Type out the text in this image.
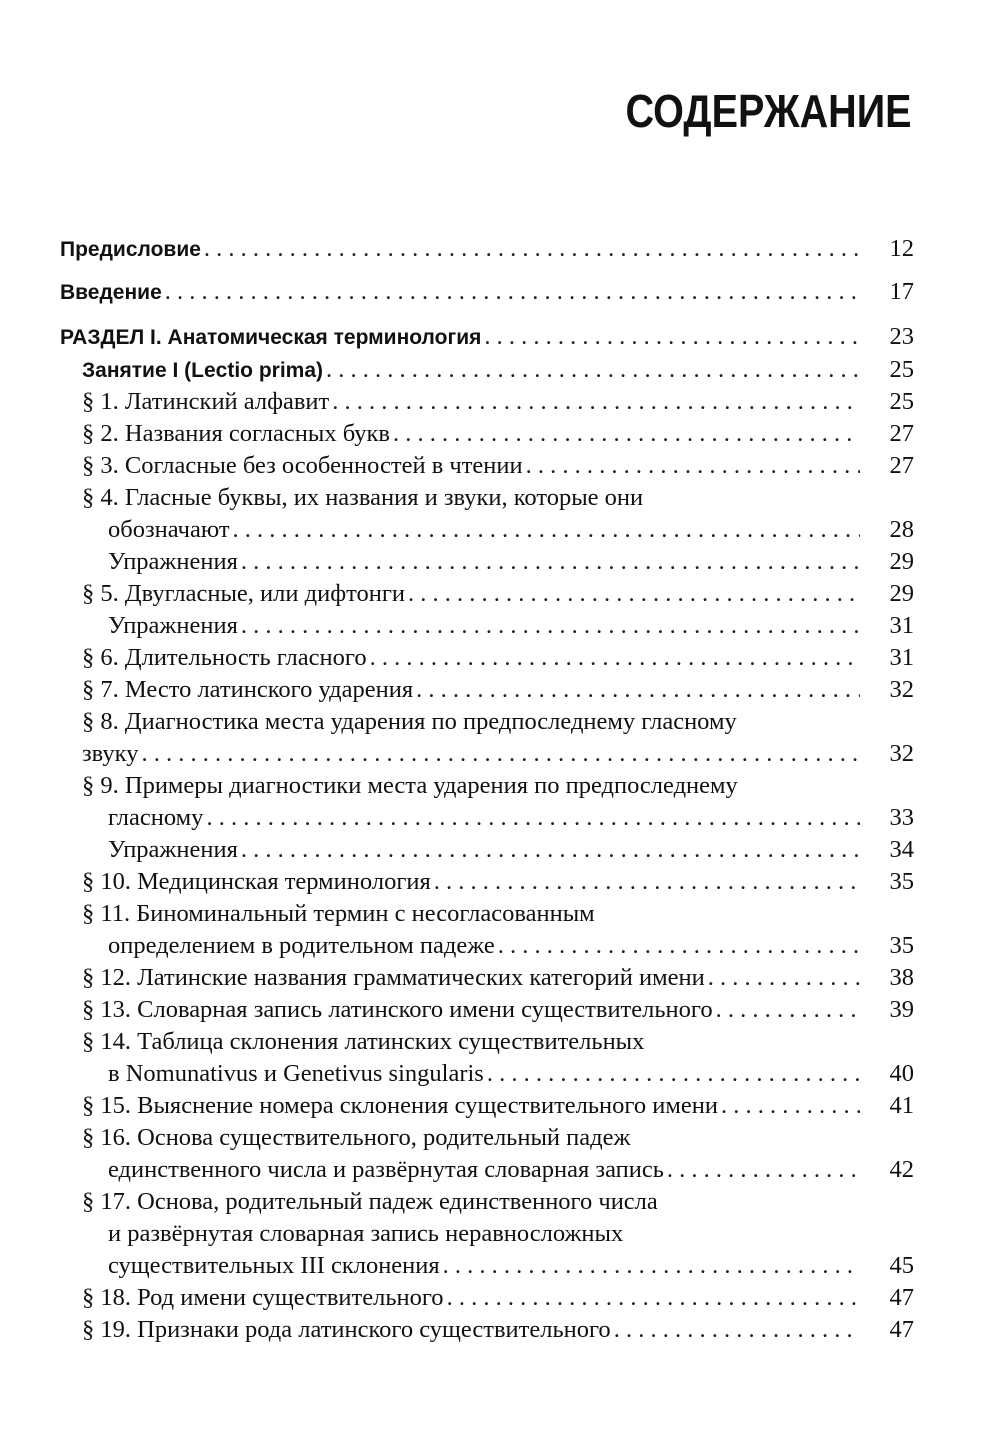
СОДЕРЖАНИЕ
Предисловие . . .	12
Введение . . .	17
РАЗДЕЛ I. Анатомическая терминология . . .	23
Занятие I (Lectio prima) . . .	25
§ 1. Латинский алфавит . . .	25
§ 2. Названия согласных букв . . .	27
§ 3. Согласные без особенностей в чтении . . .	27
§ 4. Гласные буквы, их названия и звуки, которые они
обозначают . . .	28
Упражнения . . .	29
§ 5. Двугласные, или дифтонги . . .	29
Упражнения . . .	31
§ 6. Длительность гласного . . .	31
§ 7. Место латинского ударения . . .	32
§ 8. Диагностика места ударения по предпоследнему гласному
звуку . . .	32
§ 9. Примеры диагностики места ударения по предпоследнему
гласному . . .	33
Упражнения . . .	34
§ 10. Медицинская терминология . . .	35
§ 11. Биноминальный термин с несогласованным
определением в родительном падеже . . .	35
§ 12. Латинские названия грамматических категорий имени . . .	38
§ 13. Словарная запись латинского имени существительного . . .	39
§ 14. Таблица склонения латинских существительных
в Nomunativus и Genetivus singularis . . .	40
§ 15. Выяснение номера склонения существительного имени . . .	41
§ 16. Основа существительного, родительный падеж
единственного числа и развёрнутая словарная запись . . .	42
§ 17. Основа, родительный падеж единственного числа
и развёрнутая словарная запись неравносложных
существительных III склонения . . .	45
§ 18. Род имени существительного . . .	47
§ 19. Признаки рода латинского существительного . . .	47
